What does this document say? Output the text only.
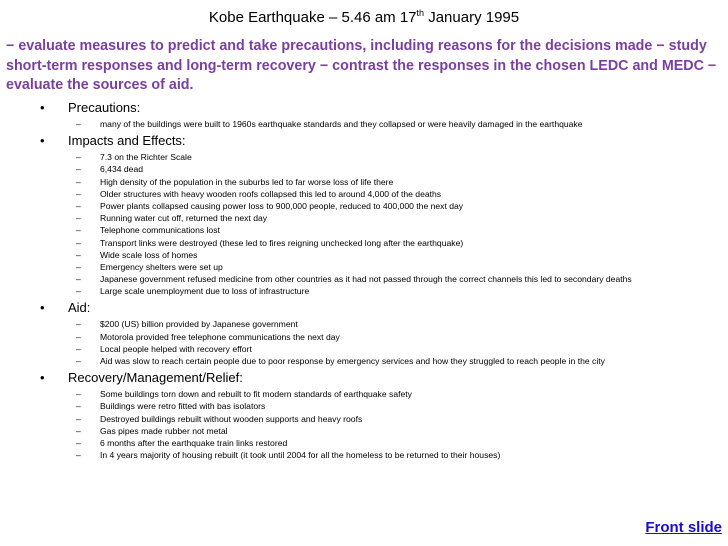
Kobe Earthquake – 5.46 am 17th January 1995
− evaluate measures to predict and take precautions, including reasons for the decisions made − study short-term responses and long-term recovery − contrast the responses in the chosen LEDC and MEDC − evaluate the sources of aid.
• Precautions:
– many of the buildings were built to 1960s earthquake standards and they collapsed or were heavily damaged in the earthquake
• Impacts and Effects:
– 7.3 on the Richter Scale
– 6,434 dead
– High density of the population in the suburbs led to far worse loss of life there
– Older structures with heavy wooden roofs collapsed this led to around 4,000 of the deaths
– Power plants collapsed causing power loss to 900,000 people, reduced to 400,000 the next day
– Running water cut off, returned the next day
– Telephone communications lost
– Transport links were destroyed (these led to fires reigning unchecked long after the earthquake)
– Wide scale loss of homes
– Emergency shelters were set up
– Japanese government refused medicine from other countries as it had not passed through the correct channels this led to secondary deaths
– Large scale unemployment due to loss of infrastructure
• Aid:
– $200 (US) billion provided by Japanese government
– Motorola provided free telephone communications the next day
– Local people helped with recovery effort
– Aid was slow to reach certain people due to poor response by emergency services and how they struggled to reach people in the city
• Recovery/Management/Relief:
– Some buildings torn down and rebuilt to fit modern standards of earthquake safety
– Buildings were retro fitted with bas isolators
– Destroyed buildings rebuilt without wooden supports and heavy roofs
– Gas pipes made rubber not metal
– 6 months after the earthquake train links restored
– In 4 years majority of housing rebuilt (it took until 2004 for all the homeless to be returned to their houses)
Front slide
